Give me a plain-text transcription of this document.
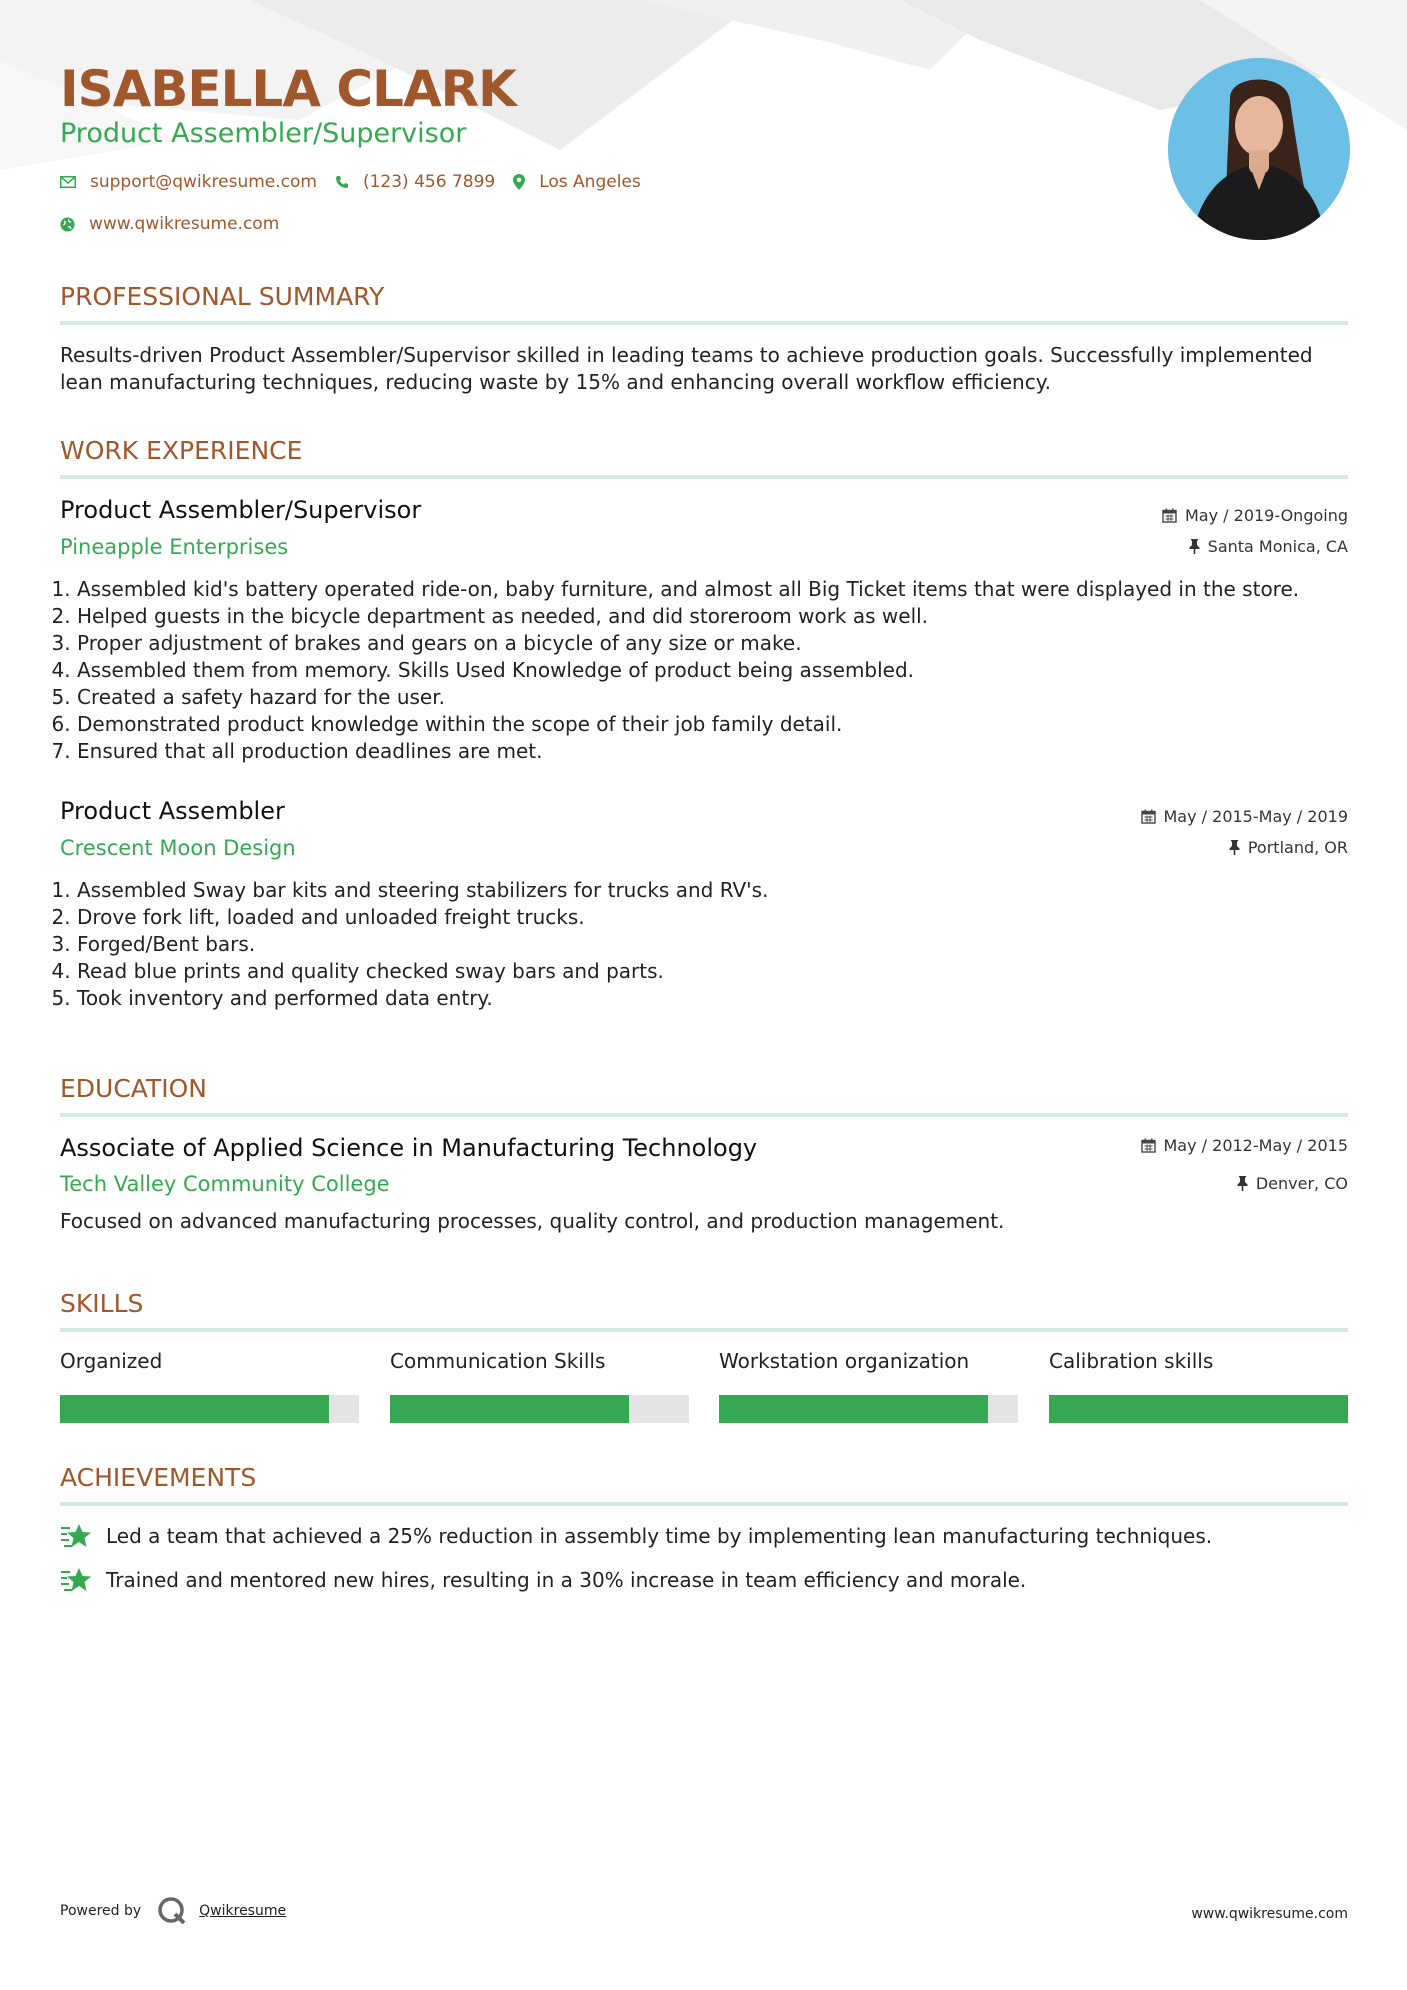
ISABELLA CLARK
Product Assembler/Supervisor
support@qwikresume.com	(123) 456 7899	Los Angeles
www.qwikresume.com
PROFESSIONAL SUMMARY

Results-driven Product Assembler/Supervisor skilled in leading teams to achieve production goals. Successfully implemented lean manufacturing techniques, reducing waste by 15% and enhancing overall workflow efficiency.

WORK EXPERIENCE
Product Assembler/Supervisor	May / 2019-Ongoing
Pineapple Enterprises	Santa Monica, CA
1. Assembled kid's battery operated ride-on, baby furniture, and almost all Big Ticket items that were displayed in the store.
2. Helped guests in the bicycle department as needed, and did storeroom work as well.
3. Proper adjustment of brakes and gears on a bicycle of any size or make.
4. Assembled them from memory. Skills Used Knowledge of product being assembled.
5. Created a safety hazard for the user.
6. Demonstrated product knowledge within the scope of their job family detail.
7. Ensured that all production deadlines are met.
Product Assembler	May / 2015-May / 2019
Crescent Moon Design	Portland, OR
1. Assembled Sway bar kits and steering stabilizers for trucks and RV's.
2. Drove fork lift, loaded and unloaded freight trucks.
3. Forged/Bent bars.
4. Read blue prints and quality checked sway bars and parts.
5. Took inventory and performed data entry.
EDUCATION
Associate of Applied Science in Manufacturing Technology	May / 2012-May / 2015
Tech Valley Community College	Denver, CO

Focused on advanced manufacturing processes, quality control, and production management.

SKILLS
Organized	Communication Skills	Workstation organization	Calibration skills
ACHIEVEMENTS
Led a team that achieved a 25% reduction in assembly time by implementing lean manufacturing techniques.
Trained and mentored new hires, resulting in a 30% increase in team efficiency and morale.
Powered by	Qwikresume	www.qwikresume.com
